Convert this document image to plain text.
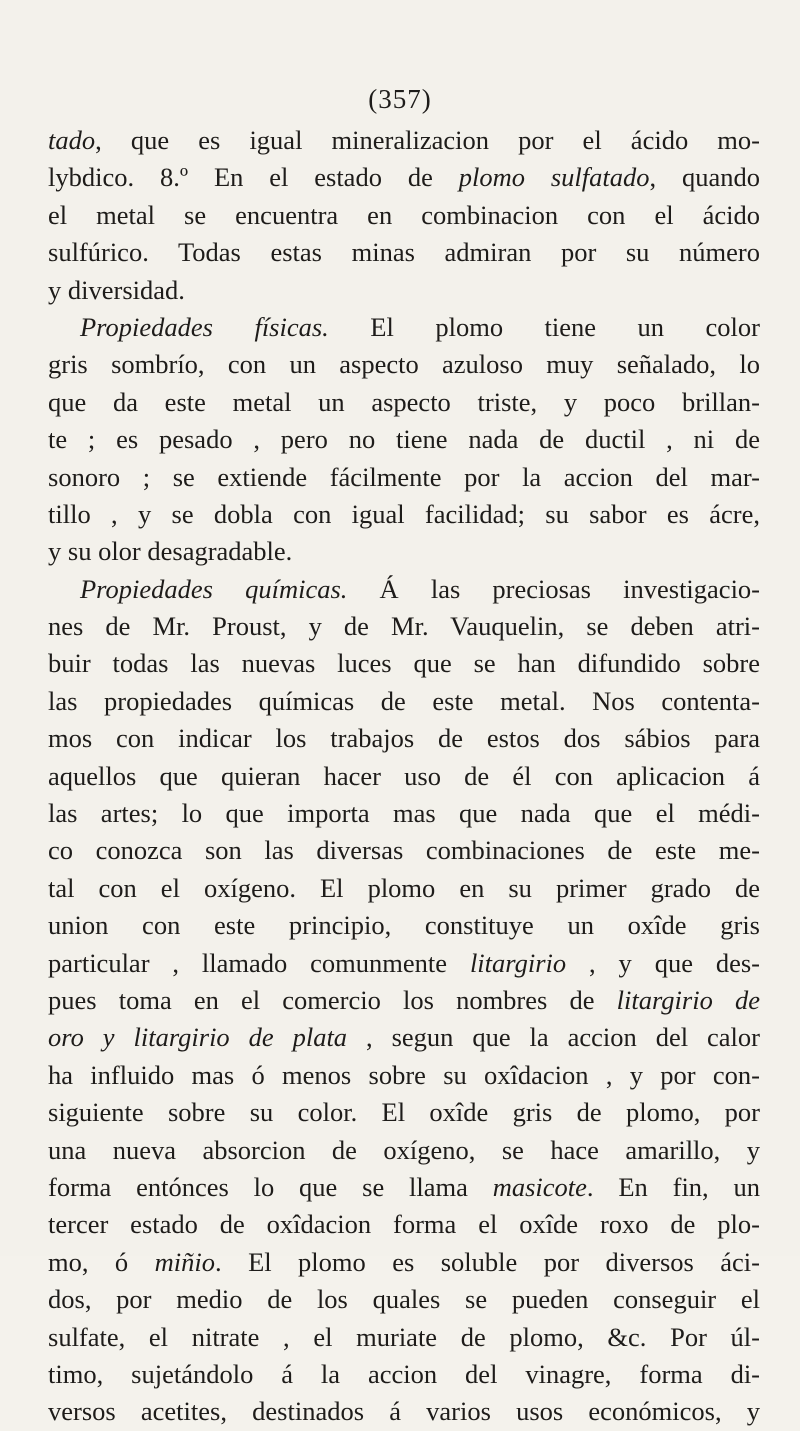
(357)
tado, que es igual mineralizacion por el ácido mo-
lybdico. 8.º En el estado de plomo sulfatado, quando
el metal se encuentra en combinacion con el ácido
sulfúrico. Todas estas minas admiran por su número
y diversidad.
Propiedades físicas. El plomo tiene un color
gris sombrío, con un aspecto azuloso muy señalado, lo
que da este metal un aspecto triste, y poco brillan-
te ; es pesado , pero no tiene nada de ductil , ni de
sonoro ; se extiende fácilmente por la accion del mar-
tillo , y se dobla con igual facilidad; su sabor es ácre,
y su olor desagradable.
Propiedades químicas. Á las preciosas investigacio-
nes de Mr. Proust, y de Mr. Vauquelin, se deben atri-
buir todas las nuevas luces que se han difundido sobre
las propiedades químicas de este metal. Nos contenta-
mos con indicar los trabajos de estos dos sábios para
aquellos que quieran hacer uso de él con aplicacion á
las artes; lo que importa mas que nada que el médi-
co conozca son las diversas combinaciones de este me-
tal con el oxígeno. El plomo en su primer grado de
union con este principio, constituye un oxîde gris
particular , llamado comunmente litargirio , y que des-
pues toma en el comercio los nombres de litargirio de
oro y litargirio de plata , segun que la accion del calor
ha influido mas ó menos sobre su oxîdacion , y por con-
siguiente sobre su color. El oxîde gris de plomo, por
una nueva absorcion de oxígeno, se hace amarillo, y
forma entónces lo que se llama masicote. En fin, un
tercer estado de oxîdacion forma el oxîde roxo de plo-
mo, ó miñio. El plomo es soluble por diversos áci-
dos, por medio de los quales se pueden conseguir el
sulfate, el nitrate , el muriate de plomo, &c. Por úl-
timo, sujetándolo á la accion del vinagre, forma di-
versos acetites, destinados á varios usos económicos, y
